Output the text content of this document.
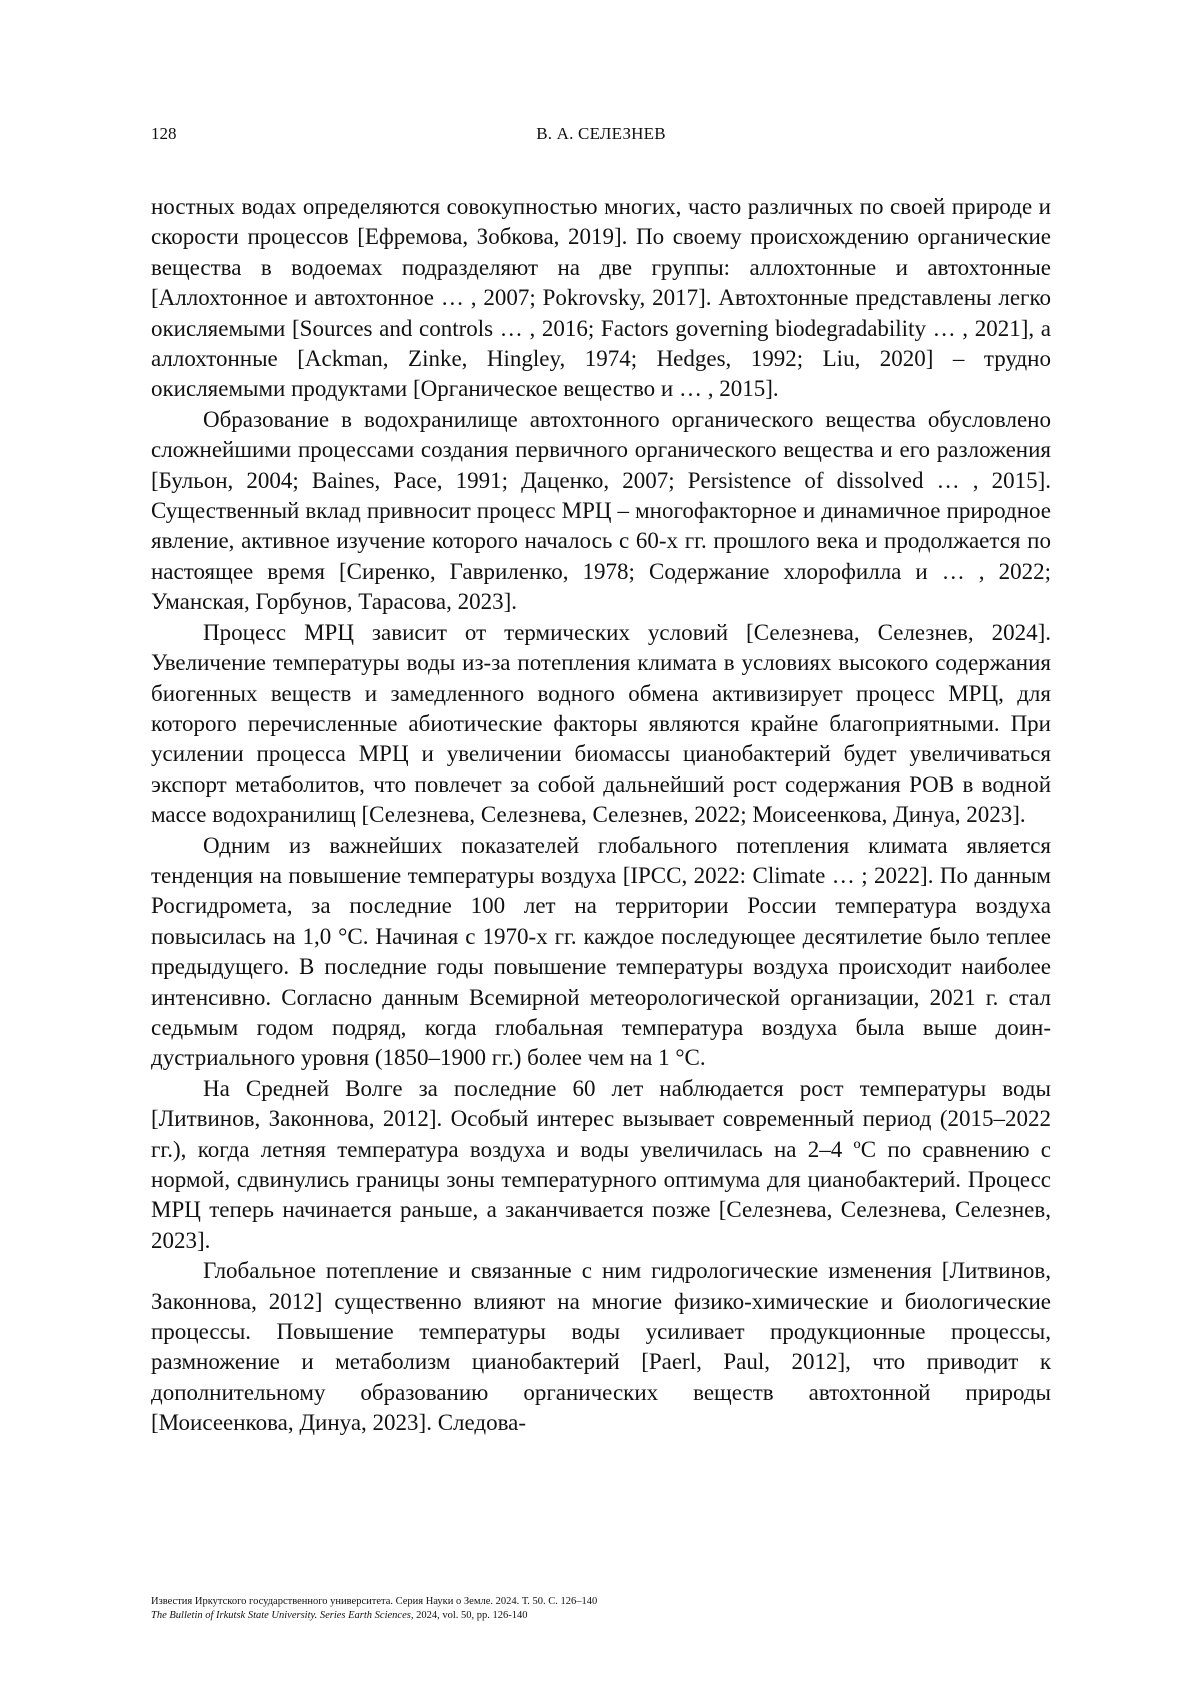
128	В. А. СЕЛЕЗНЕВ

ностных водах определяются совокупностью многих, часто различных по своей природе и скорости процессов [Ефремова, Зобкова, 2019]. По своему происхождению органические вещества в водоемах подразделяют на две группы: аллохтонные и автохтонные [Аллохтонное и автохтонное … , 2007; Pokrovsky, 2017]. Автохтонные представлены легко окисляемыми [Sources and controls … , 2016; Factors governing biodegradability … , 2021], а аллох­тонные [Ackman, Zinke, Hingley, 1974; Hedges, 1992; Liu, 2020] – трудно окисляемыми продуктами [Органическое вещество и … , 2015].

Образование в водохранилище автохтонного органического вещества обусловлено сложнейшими процессами создания первичного органического вещества и его разложения [Бульон, 2004; Baines, Pace, 1991; Даценко, 2007; Persistence of dissolved … , 2015]. Существенный вклад привносит процесс МРЦ – многофакторное и динамичное природное явление, активное изуче­ние которого началось с 60-х гг. прошлого века и продолжается по настоя­щее время [Сиренко, Гавриленко, 1978; Содержание хлорофилла и … , 2022; Уманская, Горбунов, Тарасова, 2023].

Процесс МРЦ зависит от термических условий [Селезнева, Селезнев, 2024]. Увеличение температуры воды из-за потепления климата в условиях высокого содержания биогенных веществ и замедленного водного обмена активизирует процесс МРЦ, для которого перечисленные абиотические фак­торы являются крайне благоприятными. При усилении процесса МРЦ и уве­личении биомассы цианобактерий будет увеличиваться экспорт метаболитов, что повлечет за собой дальнейший рост содержания РОВ в водной массе водо­хранилищ [Селезнева, Селезнева, Селезнев, 2022; Моисеенкова, Динуа, 2023].

Одним из важнейших показателей глобального потепления климата яв­ляется тенденция на повышение температуры воздуха [IPCC, 2022: Climate … ; 2022]. По данным Росгидромета, за последние 100 лет на территории России температура воздуха повысилась на 1,0 °С. Начиная с 1970-х гг. каж­дое последующее десятилетие было теплее предыдущего. В последние годы повышение температуры воздуха происходит наиболее интенсивно. Соглас­но данным Всемирной метеорологической организации, 2021 г. стал седь­мым годом подряд, когда глобальная температура воздуха была выше доин­дустриального уровня (1850–1900 гг.) более чем на 1 °С.

На Средней Волге за последние 60 лет наблюдается рост температуры воды [Литвинов, Законнова, 2012]. Особый интерес вызывает современный период (2015–2022 гг.), когда летняя температура воздуха и воды увеличи­лась на 2–4 ºС по сравнению с нормой, сдвинулись границы зоны темпера­турного оптимума для цианобактерий. Процесс МРЦ теперь начинается раньше, а заканчивается позже [Селезнева, Селезнева, Селезнев, 2023].

Глобальное потепление и связанные с ним гидрологические изменения [Литвинов, Законнова, 2012] существенно влияют на многие физико-химические и биологические процессы. Повышение температуры воды уси­ливает продукционные процессы, размножение и метаболизм цианобактерий [Paerl, Paul, 2012], что приводит к дополнительному образованию органичес­ких веществ автохтонной природы [Моисеенкова, Динуа, 2023]. Следова-

Известия Иркутского государственного университета. Серия Науки о Земле. 2024. Т. 50. С. 126–140
The Bulletin of Irkutsk State University. Series Earth Sciences, 2024, vol. 50, pp. 126-140
